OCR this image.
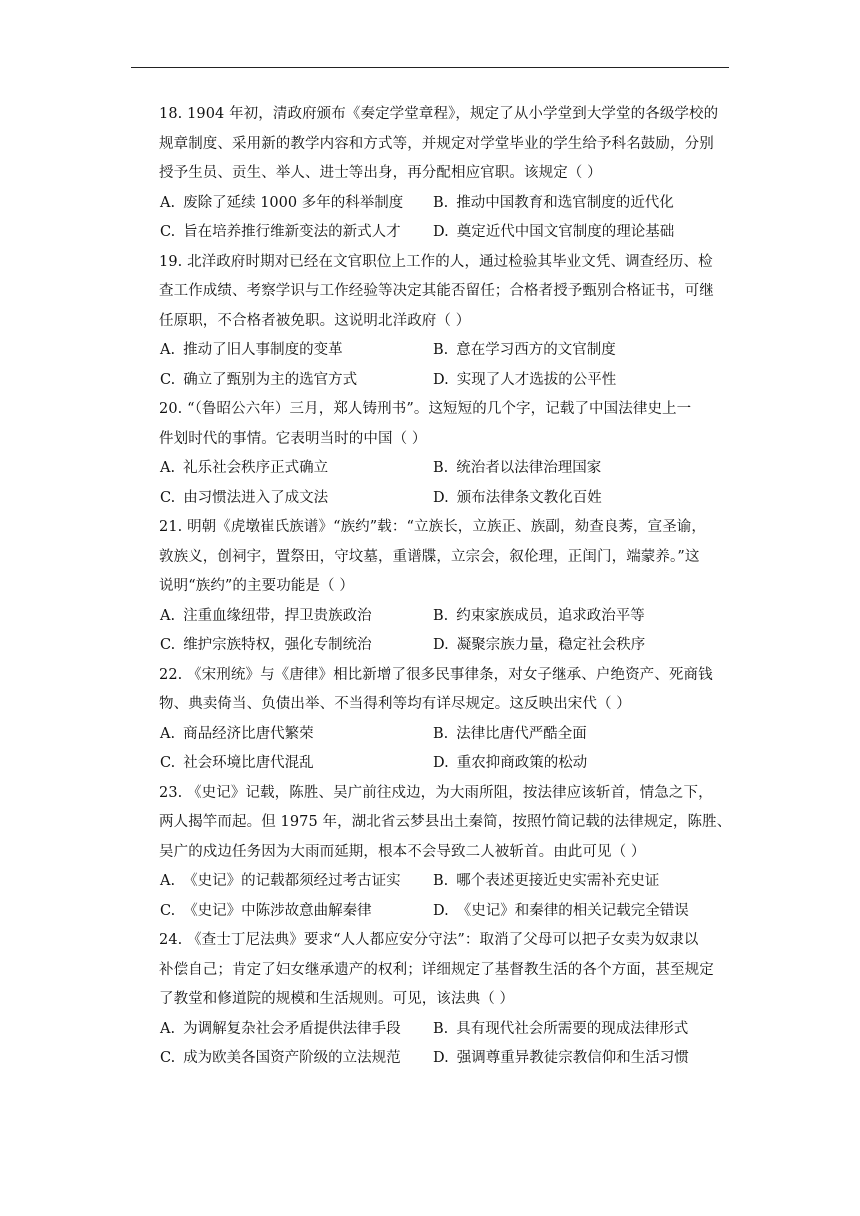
18. 1904 年初，清政府颁布《奏定学堂章程》，规定了从小学堂到大学堂的各级学校的
规章制度、采用新的教学内容和方式等，并规定对学堂毕业的学生给予科名鼓励，分别
授予生员、贡生、举人、进士等出身，再分配相应官职。该规定（ ）
A. 废除了延续 1000 多年的科举制度 B. 推动中国教育和选官制度的近代化
C. 旨在培养推行维新变法的新式人才 D. 奠定近代中国文官制度的理论基础
19. 北洋政府时期对已经在文官职位上工作的人，通过检验其毕业文凭、调查经历、检
查工作成绩、考察学识与工作经验等决定其能否留任；合格者授予甄别合格证书，可继
任原职，不合格者被免职。这说明北洋政府（ ）
A. 推动了旧人事制度的变革	B. 意在学习西方的文官制度
C. 确立了甄别为主的选官方式	D. 实现了人才选拔的公平性
20. “（鲁昭公六年）三月，郑人铸刑书”。这短短的几个字，记载了中国法律史上一
件划时代的事情。它表明当时的中国（ ）
A. 礼乐社会秩序正式确立	B. 统治者以法律治理国家
C. 由习惯法进入了成文法	D. 颁布法律条文教化百姓
21. 明朝《虎墩崔氏族谱》“族约”载：“立族长，立族正、族副，劾查良莠，宣圣谕，
敦族义，创祠宇，置祭田，守坟墓，重谱牒，立宗会，叙伦理，正闺门，端蒙养。”这
说明“族约”的主要功能是（ ）
A. 注重血缘纽带，捍卫贵族政治	B. 约束家族成员，追求政治平等
C. 维护宗族特权，强化专制统治	D. 凝聚宗族力量，稳定社会秩序
22. 《宋刑统》与《唐律》相比新增了很多民事律条，对女子继承、户绝资产、死商钱
物、典卖倚当、负债出举、不当得利等均有详尽规定。这反映出宋代（ ）
A. 商品经济比唐代繁荣	B. 法律比唐代严酷全面
C. 社会环境比唐代混乱	D. 重农抑商政策的松动
23. 《史记》记载，陈胜、吴广前往戍边，为大雨所阻，按法律应该斩首，情急之下，
两人揭竿而起。但 1975 年，湖北省云梦县出土秦简，按照竹简记载的法律规定，陈胜、
吴广的戍边任务因为大雨而延期，根本不会导致二人被斩首。由此可见（ ）
A. 《史记》的记载都须经过考古证实 B. 哪个表述更接近史实需补充史证
C. 《史记》中陈涉故意曲解秦律	D. 《史记》和秦律的相关记载完全错误
24. 《查士丁尼法典》要求“人人都应安分守法”：取消了父母可以把子女卖为奴隶以
补偿自己；肯定了妇女继承遗产的权利；详细规定了基督教生活的各个方面，甚至规定
了教堂和修道院的规模和生活规则。可见，该法典（ ）
A. 为调解复杂社会矛盾提供法律手段 B. 具有现代社会所需要的现成法律形式
C. 成为欧美各国资产阶级的立法规范 D. 强调尊重异教徒宗教信仰和生活习惯
